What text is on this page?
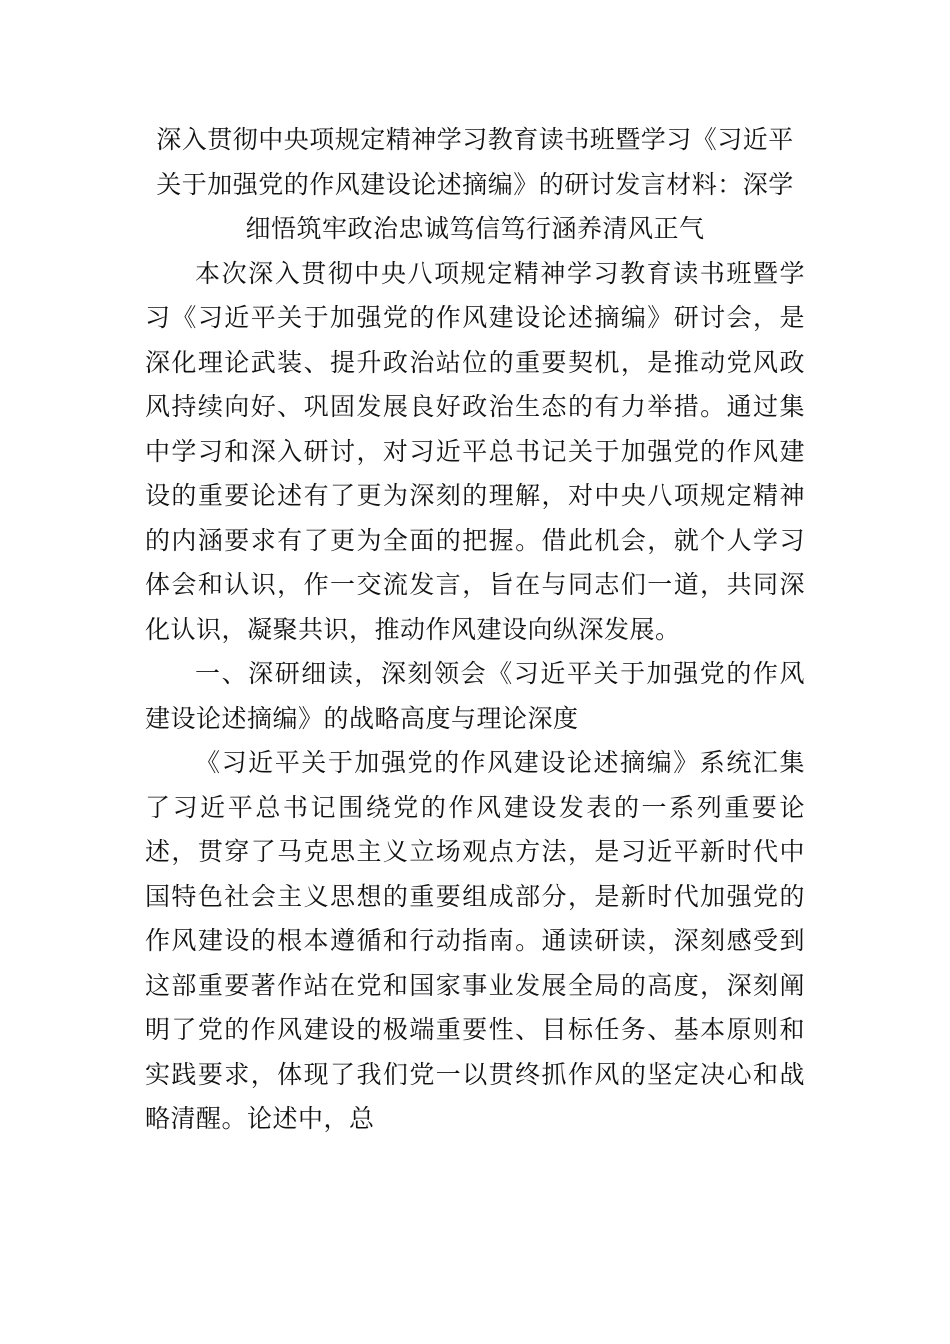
深入贯彻中央项规定精神学习教育读书班暨学习《习近平关于加强党的作风建设论述摘编》的研讨发言材料：深学细悟筑牢政治忠诚笃信笃行涵养清风正气

本次深入贯彻中央八项规定精神学习教育读书班暨学习《习近平关于加强党的作风建设论述摘编》研讨会，是深化理论武装、提升政治站位的重要契机，是推动党风政风持续向好、巩固发展良好政治生态的有力举措。通过集中学习和深入研讨，对习近平总书记关于加强党的作风建设的重要论述有了更为深刻的理解，对中央八项规定精神的内涵要求有了更为全面的把握。借此机会，就个人学习体会和认识，作一交流发言，旨在与同志们一道，共同深化认识，凝聚共识，推动作风建设向纵深发展。

一、深研细读，深刻领会《习近平关于加强党的作风建设论述摘编》的战略高度与理论深度

《习近平关于加强党的作风建设论述摘编》系统汇集了习近平总书记围绕党的作风建设发表的一系列重要论述，贯穿了马克思主义立场观点方法，是习近平新时代中国特色社会主义思想的重要组成部分，是新时代加强党的作风建设的根本遵循和行动指南。通读研读，深刻感受到这部重要著作站在党和国家事业发展全局的高度，深刻阐明了党的作风建设的极端重要性、目标任务、基本原则和实践要求，体现了我们党一以贯终抓作风的坚定决心和战略清醒。论述中，总
